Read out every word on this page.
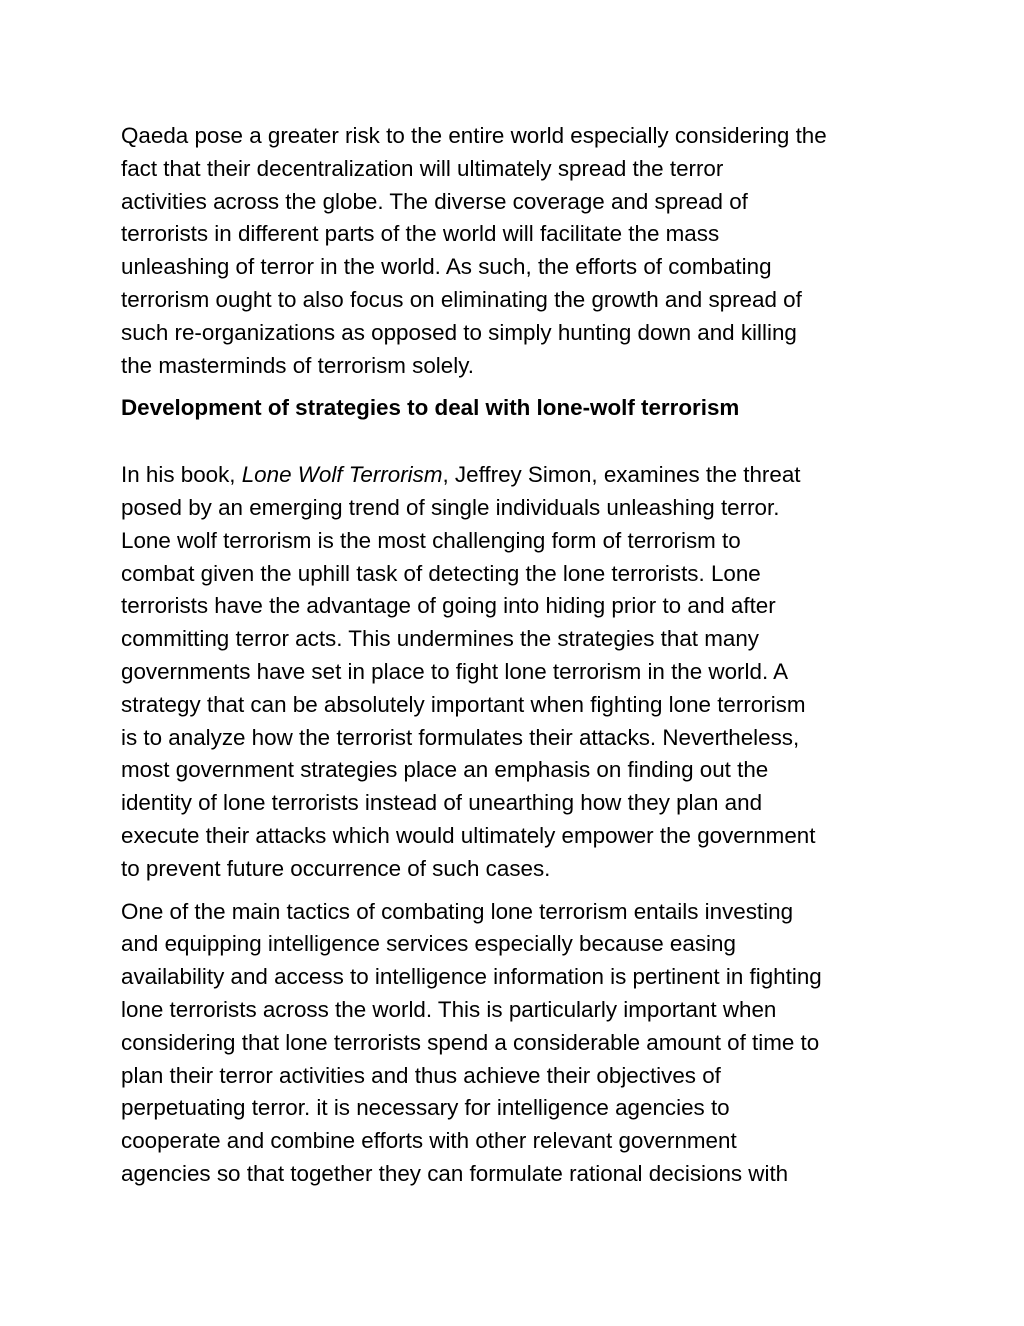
Qaeda pose a greater risk to the entire world especially considering the
fact that their decentralization will ultimately spread the terror
activities across the globe. The diverse coverage and spread of
terrorists in different parts of the world will facilitate the mass
unleashing of terror in the world. As such, the efforts of combating
terrorism ought to also focus on eliminating the growth and spread of
such re-organizations as opposed to simply hunting down and killing
the masterminds of terrorism solely.

Development of strategies to deal with lone-wolf terrorism

In his book, Lone Wolf Terrorism, Jeffrey Simon, examines the threat
posed by an emerging trend of single individuals unleashing terror.
Lone wolf terrorism is the most challenging form of terrorism to
combat given the uphill task of detecting the lone terrorists. Lone
terrorists have the advantage of going into hiding prior to and after
committing terror acts. This undermines the strategies that many
governments have set in place to fight lone terrorism in the world. A
strategy that can be absolutely important when fighting lone terrorism
is to analyze how the terrorist formulates their attacks. Nevertheless,
most government strategies place an emphasis on finding out the
identity of lone terrorists instead of unearthing how they plan and
execute their attacks which would ultimately empower the government
to prevent future occurrence of such cases.

One of the main tactics of combating lone terrorism entails investing
and equipping intelligence services especially because easing
availability and access to intelligence information is pertinent in fighting
lone terrorists across the world. This is particularly important when
considering that lone terrorists spend a considerable amount of time to
plan their terror activities and thus achieve their objectives of
perpetuating terror. it is necessary for intelligence agencies to
cooperate and combine efforts with other relevant government
agencies so that together they can formulate rational decisions with
